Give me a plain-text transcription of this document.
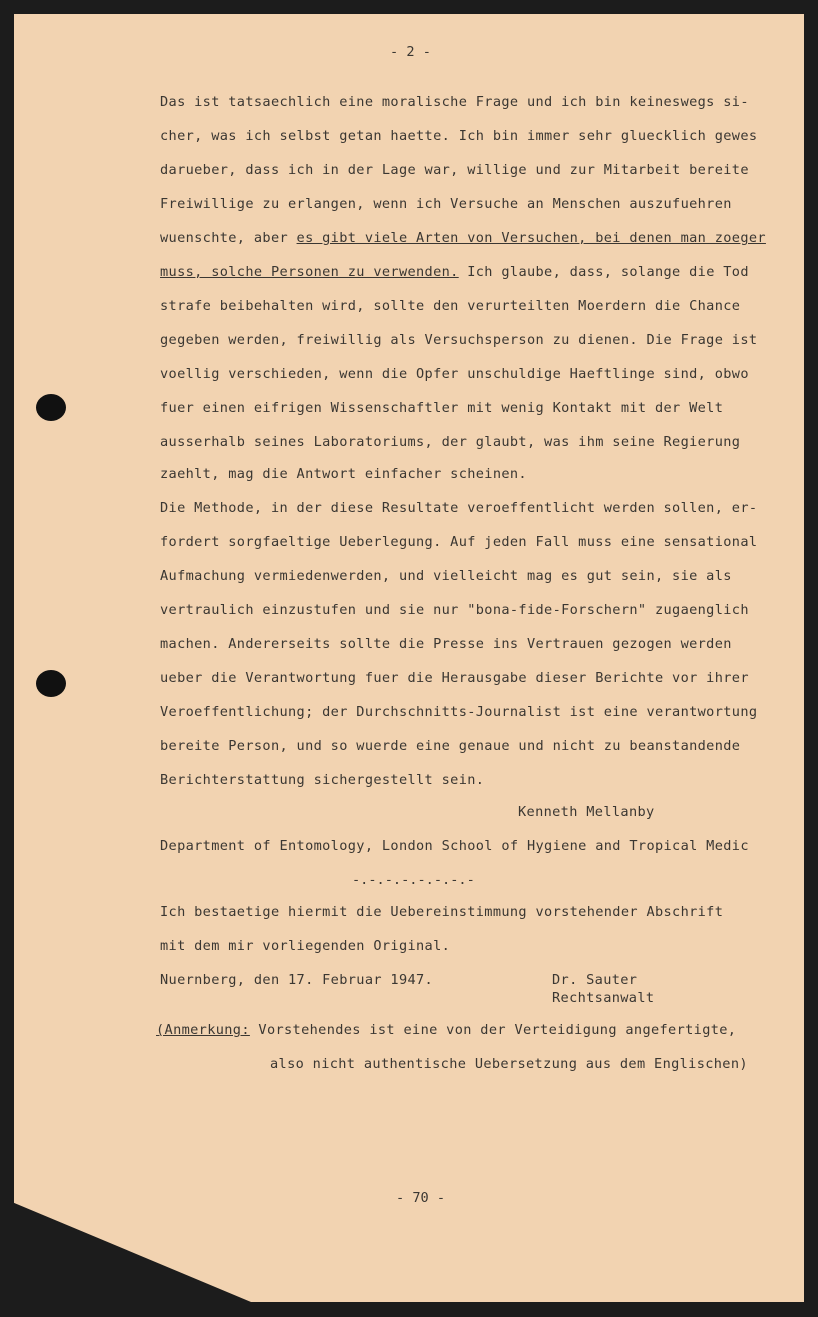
- 2 -
Das ist tatsaechlich eine moralische Frage und ich bin keineswegs si-
cher, was ich selbst getan haette. Ich bin immer sehr gluecklich gewes
darueber, dass ich in der Lage war, willige und zur Mitarbeit bereite
Freiwillige zu erlangen, wenn ich Versuche an Menschen auszufuehren
wuenschte, aber es gibt viele Arten von Versuchen, bei denen man zoeger
muss, solche Personen zu verwenden. Ich glaube, dass, solange die Tod
strafe beibehalten wird, sollte den verurteilten Moerdern die Chance
gegeben werden, freiwillig als Versuchsperson zu dienen. Die Frage ist
voellig verschieden, wenn die Opfer unschuldige Haeftlinge sind, obwo
fuer einen eifrigen Wissenschaftler mit wenig Kontakt mit der Welt
ausserhalb seines Laboratoriums, der glaubt, was ihm seine Regierung
zaehlt, mag die Antwort einfacher scheinen.
Die Methode, in der diese Resultate veroeffentlicht werden sollen, er-
fordert sorgfaeltige Ueberlegung. Auf jeden Fall muss eine sensational
Aufmachung vermiedenwerden, und vielleicht mag es gut sein, sie als
vertraulich einzustufen und sie nur "bona-fide-Forschern" zugaenglich
machen. Andererseits sollte die Presse ins Vertrauen gezogen werden
ueber die Verantwortung fuer die Herausgabe dieser Berichte vor ihrer
Veroeffentlichung; der Durchschnitts-Journalist ist eine verantwortung
bereite Person, und so wuerde eine genaue und nicht zu beanstandende
Berichterstattung sichergestellt sein.
Kenneth Mellanby
Department of Entomology, London School of Hygiene and Tropical Medic
-.-.-.-.-.-.-.-
Ich bestaetige hiermit die Uebereinstimmung vorstehender Abschrift
mit dem mir vorliegenden Original.
Nuernberg, den 17. Februar 1947.	Dr. Sauter
Rechtsanwalt
(Anmerkung: Vorstehendes ist eine von der Verteidigung angefertigte,
also nicht authentische Uebersetzung aus dem Englischen)
- 70 -
